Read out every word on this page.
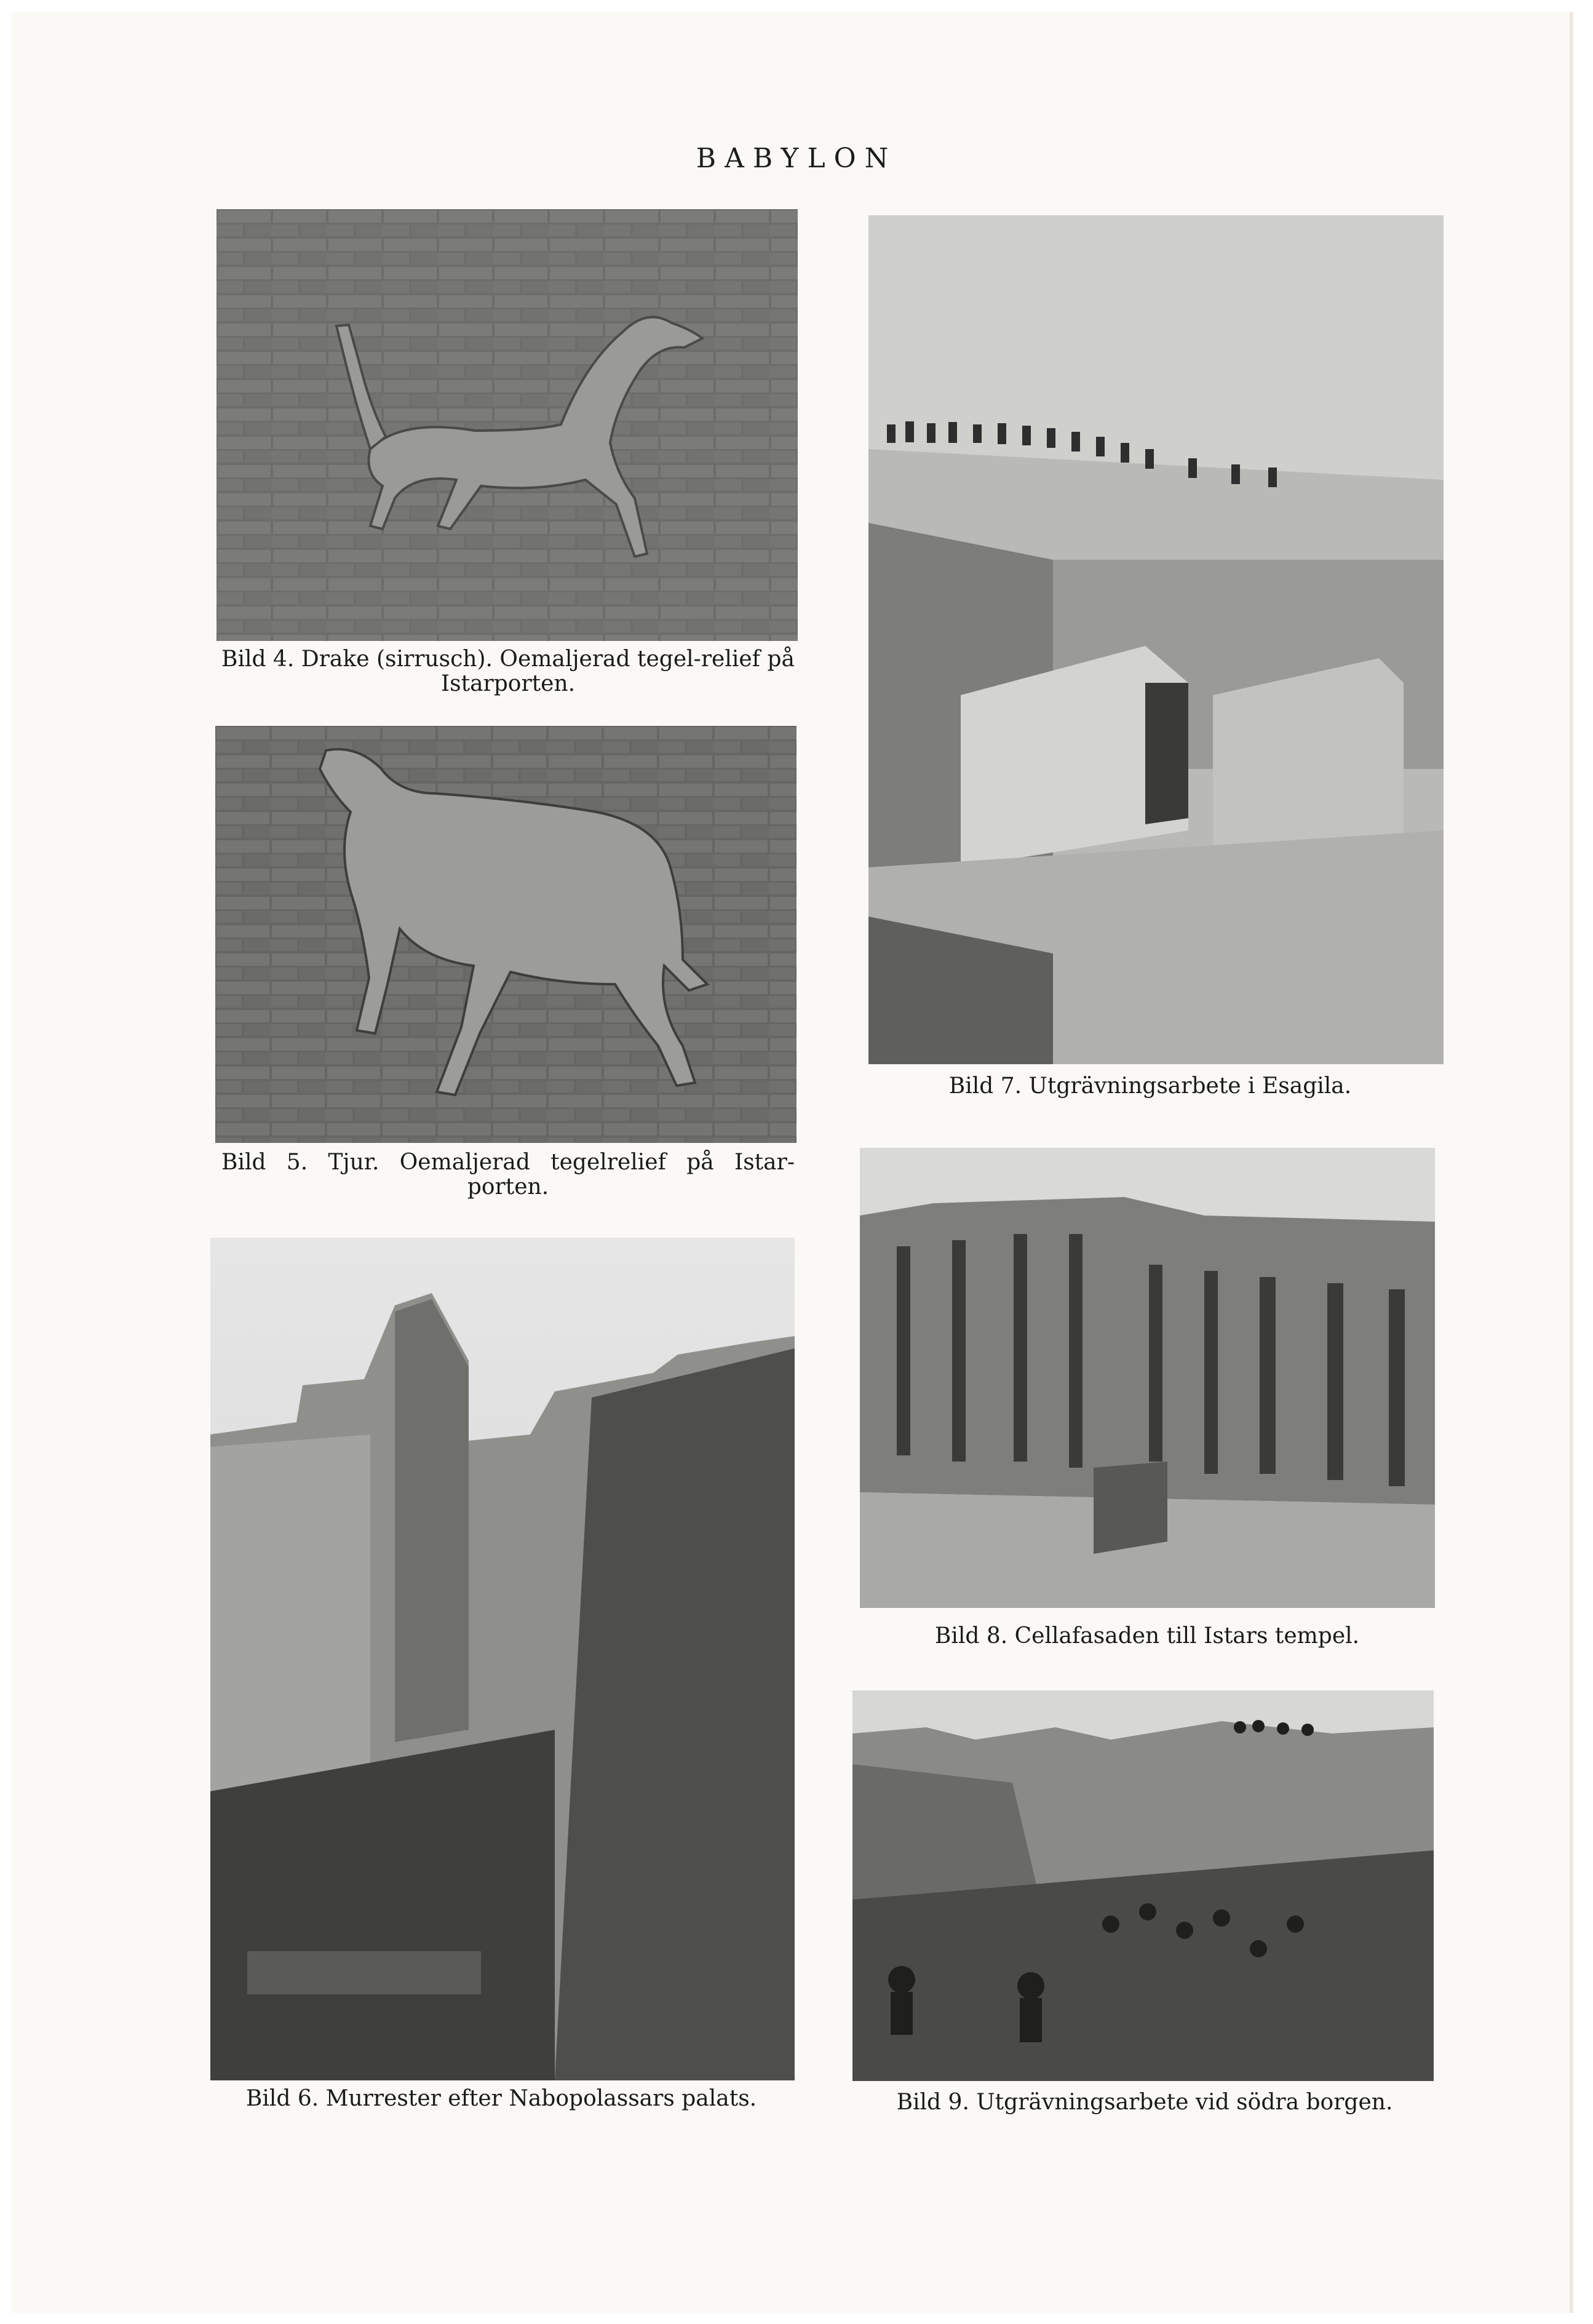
BABYLON
Bild 4. Drake (sirrusch). Oemaljerad tegel-relief på Istarporten.
Bild 5. Tjur. Oemaljerad tegelrelief på Istar-porten.
Bild 6. Murrester efter Nabopolassars palats.
Bild 7. Utgrävningsarbete i Esagila.
Bild 8. Cellafasaden till Istars tempel.
Bild 9. Utgrävningsarbete vid södra borgen.
